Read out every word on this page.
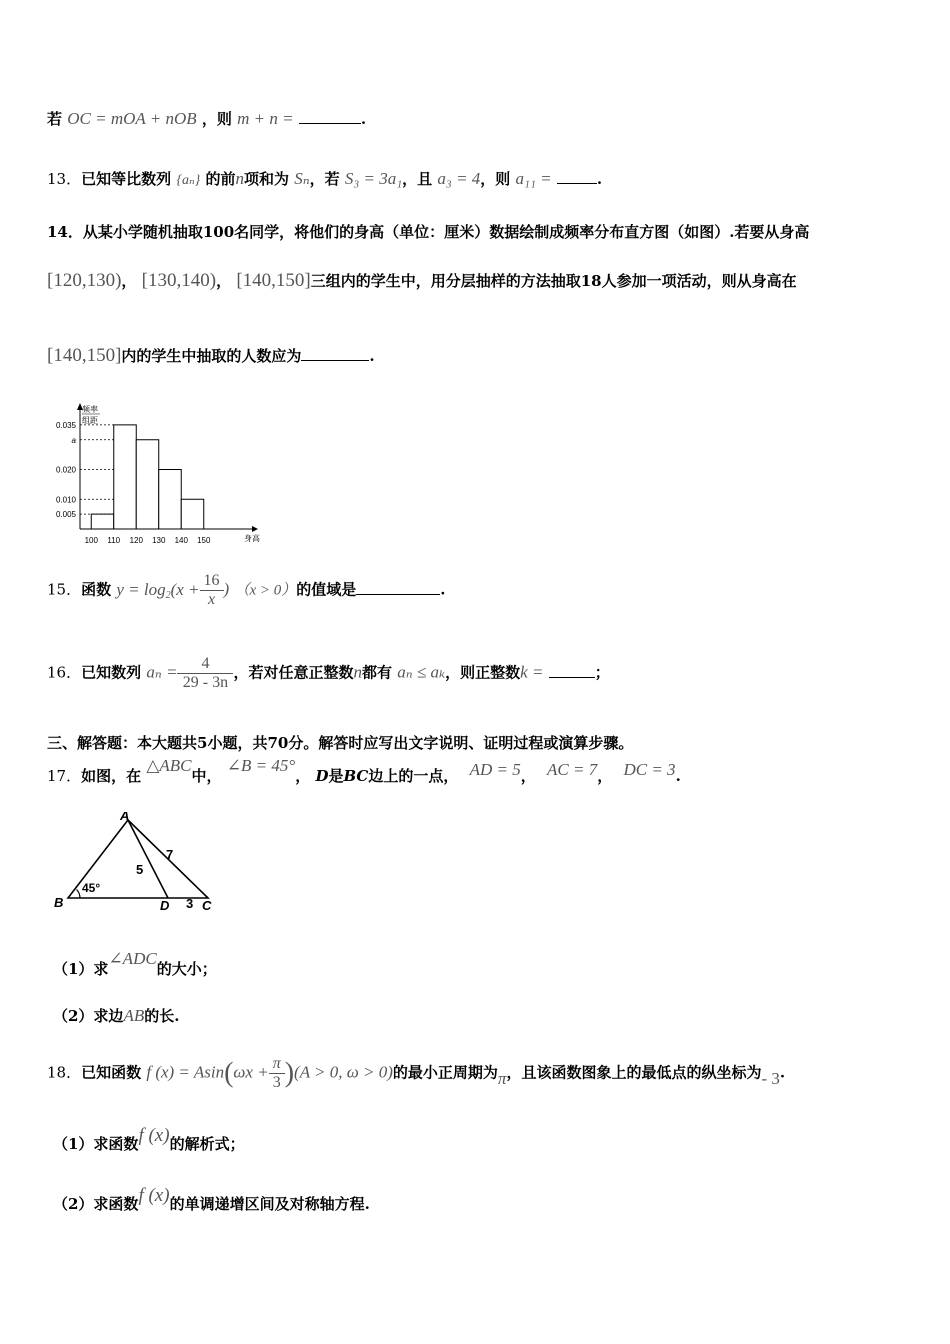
若 OC = mOA + nOB ，则 m + n =	.
13．已知等比数列 {aₙ} 的前n项和为 Sₙ，若 S₃ = 3a₁，且 a₃ = 4，则 a₁₁ =	.
14．从某小学随机抽取100名同学，将他们的身高（单位：厘米）数据绘制成频率分布直方图（如图）.若要从身高
[120,130)， [130,140)， [140,150]三组内的学生中，用分层抽样的方法抽取18人参加一项活动，则从身高在
[140,150]内的学生中抽取的人数应为	.
频率
组距
0.035
a
0.020
0.010
0.005
100 110 120 130 140 150	身高
15．函数 $y = \log_2(x + \frac{16}{x}$ ) （x > 0）的值域是	.
16．已知数列 $a_n = \frac{4}{29 - 3n}$ ，若对任意正整数n都有 aₙ ≤ aₖ，则正整数k =	；
三、解答题：本大题共5小题，共70分。解答时应写出文字说明、证明过程或演算步骤。
17．如图，在 △ABC中， ∠B = 45°， D是BC边上的一点， AD = 5， AC = 7， DC = 3.
A
B	C
D
5
7
3
45°
（1）求∠ADC的大小；
（2）求边AB的长.
18．已知函数 f $(x) = Asin(\omega x + \frac{\pi}{3} )(A > 0$, ω > 0)的最小正周期为π，且该函数图象上的最低点的纵坐标为- 3.
（1）求函数f (x)的解析式；
（2）求函数f (x)的单调递增区间及对称轴方程.
